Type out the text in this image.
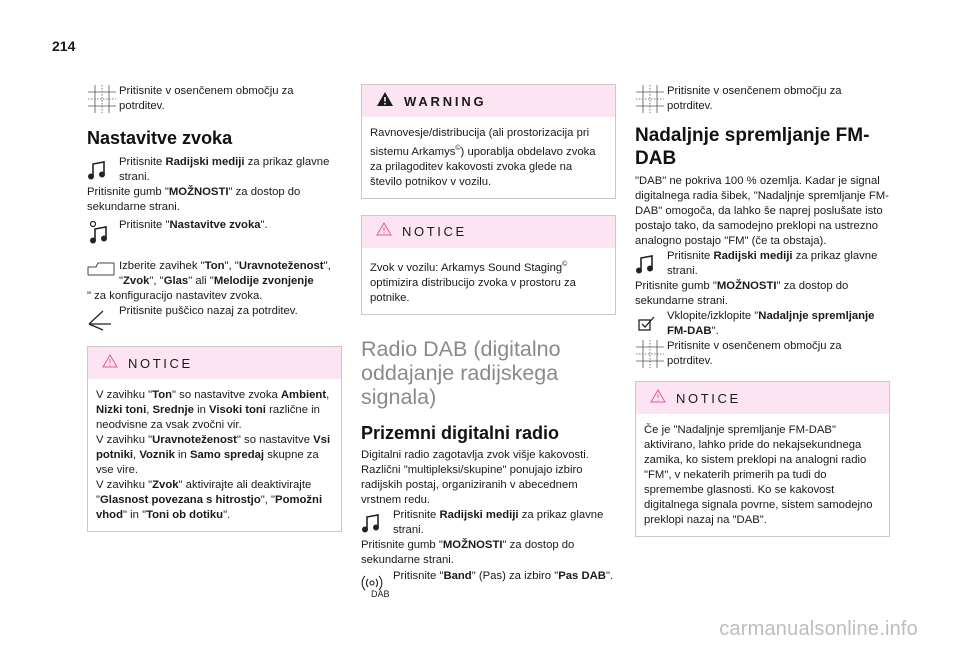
214

Pritisnite v osenčenem območju za potrditev.

Nastavitve zvoka

Pritisnite Radijski mediji za prikaz glavne strani.

Pritisnite gumb "MOŽNOSTI" za dostop do sekundarne strani.

Pritisnite "Nastavitve zvoka".

Izberite zavihek "Ton", "Uravnoteženost", "Zvok", "Glas" ali "Melodije zvonjenje

" za konfiguracijo nastavitev zvoka.

Pritisnite puščico nazaj za potrditev.

NOTICE
V zavihku "Ton" so nastavitve zvoka Ambient, Nizki toni, Srednje in Visoki toni različne in neodvisne za vsak zvočni vir.
V zavihku "Uravnoteženost" so nastavitve Vsi potniki, Voznik in Samo spredaj skupne za vse vire.
V zavihku "Zvok" aktivirajte ali deaktivirajte "Glasnost povezana s hitrostjo", "Pomožni vhod" in "Toni ob dotiku".
WARNING
Ravnovesje/distribucija (ali prostorizacija pri sistemu Arkamys©) uporablja obdelavo zvoka za prilagoditev kakovosti zvoka glede na število potnikov v vozilu.
NOTICE
Zvok v vozilu: Arkamys Sound Staging© optimizira distribucijo zvoka v prostoru za potnike.
Radio DAB (digitalno oddajanje radijskega signala)
Prizemni digitalni radio

Digitalni radio zagotavlja zvok višje kakovosti. Različni "multipleksi/skupine" ponujajo izbiro radijskih postaj, organiziranih v abecednem vrstnem redu.

Pritisnite Radijski mediji za prikaz glavne strani.

Pritisnite gumb "MOŽNOSTI" za dostop do sekundarne strani.

DAB

Pritisnite "Band" (Pas) za izbiro "Pas DAB".

Pritisnite v osenčenem območju za potrditev.

Nadaljnje spremljanje FM-DAB

"DAB" ne pokriva 100 % ozemlja. Kadar je signal digitalnega radia šibek, "Nadaljnje spremljanje FM-DAB" omogoča, da lahko še naprej poslušate isto postajo tako, da samodejno preklopi na ustrezno analogno postajo "FM" (če ta obstaja).

Pritisnite Radijski mediji za prikaz glavne strani.

Pritisnite gumb "MOŽNOSTI" za dostop do sekundarne strani.

Vklopite/izklopite "Nadaljnje spremljanje FM-DAB".

Pritisnite v osenčenem območju za potrditev.

NOTICE
Če je "Nadaljnje spremljanje FM-DAB" aktivirano, lahko pride do nekajsekundnega zamika, ko sistem preklopi na analogni radio "FM", v nekaterih primerih pa tudi do spremembe glasnosti. Ko se kakovost digitalnega signala povrne, sistem samodejno preklopi nazaj na "DAB".
carmanualsonline.info
